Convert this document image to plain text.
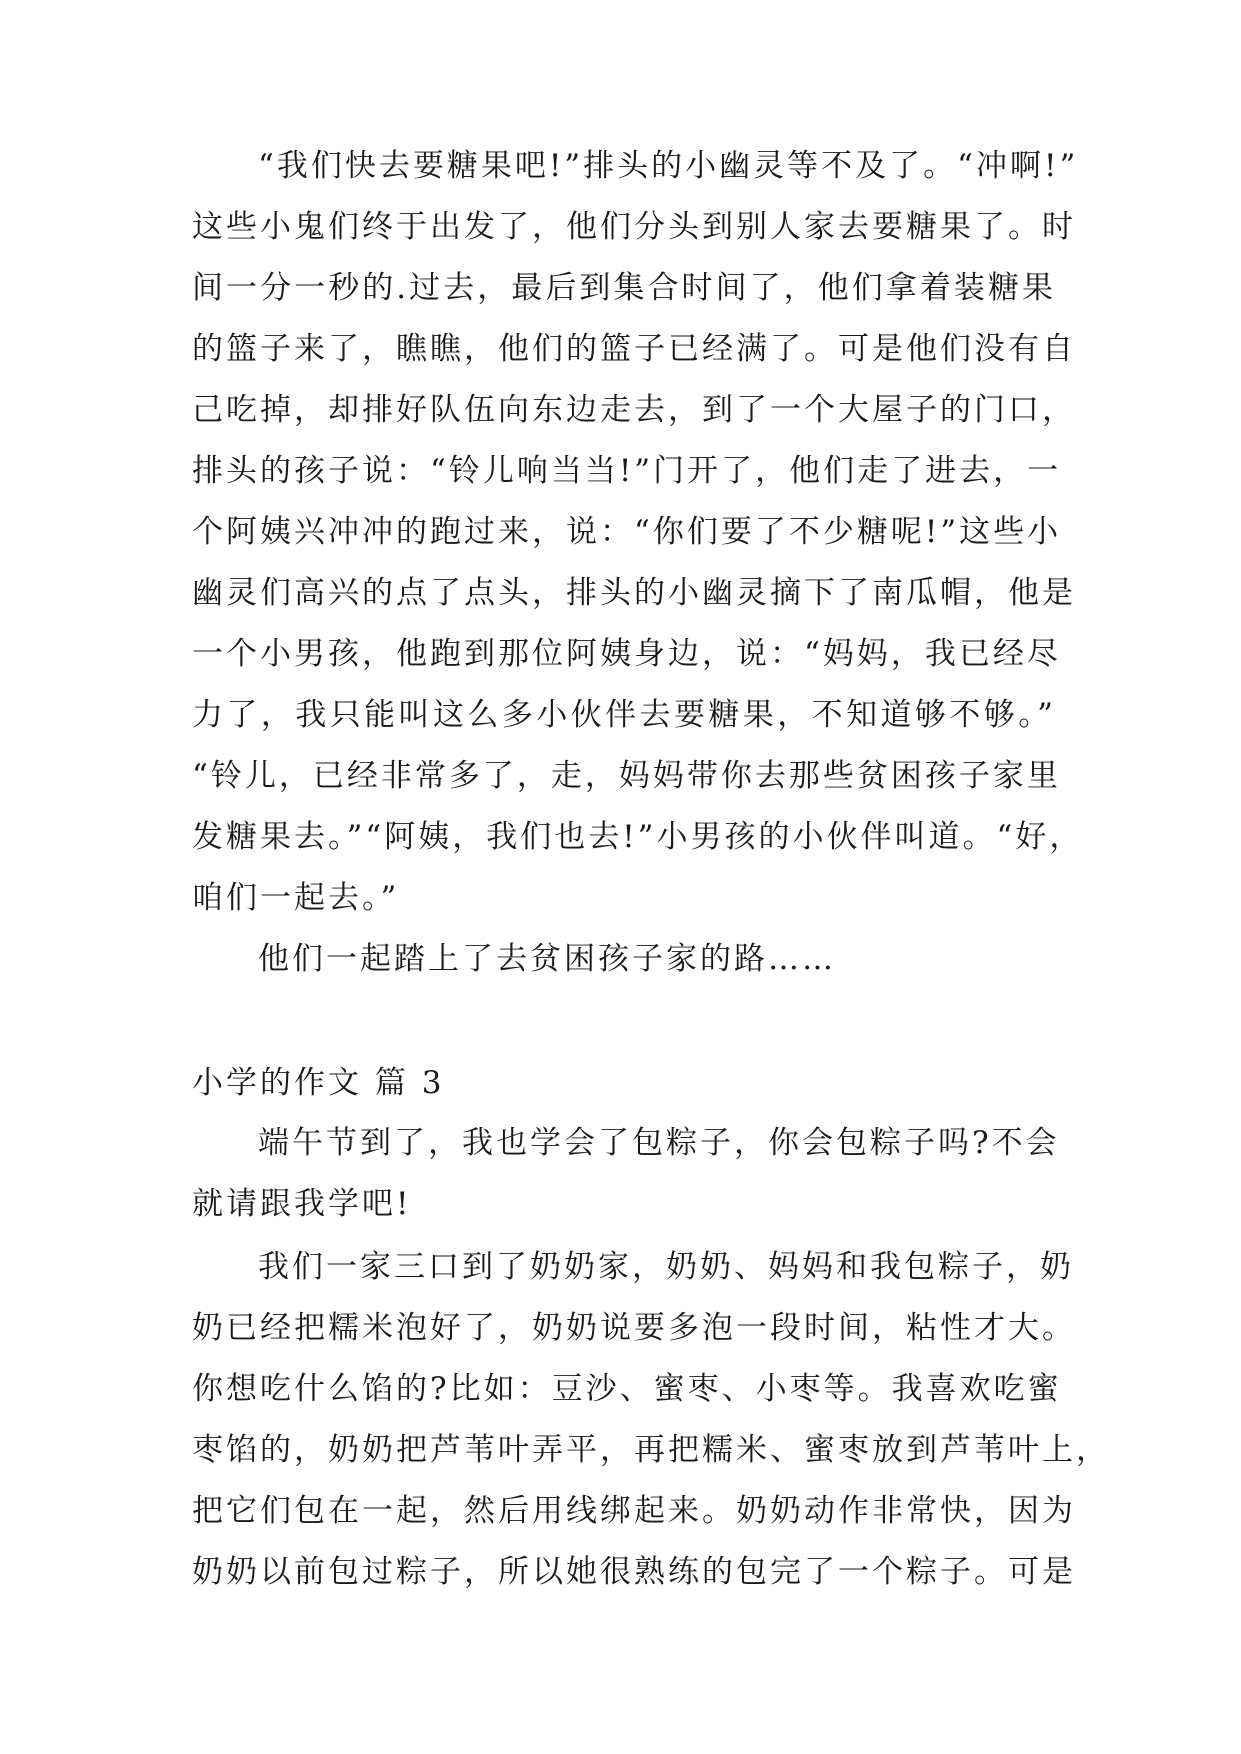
“我们快去要糖果吧!”排头的小幽灵等不及了。“冲啊!”
这些小鬼们终于出发了，他们分头到别人家去要糖果了。时
间一分一秒的.过去，最后到集合时间了，他们拿着装糖果
的篮子来了，瞧瞧，他们的篮子已经满了。可是他们没有自
己吃掉，却排好队伍向东边走去，到了一个大屋子的门口，
排头的孩子说：“铃儿响当当!”门开了，他们走了进去，一
个阿姨兴冲冲的跑过来，说：“你们要了不少糖呢!”这些小
幽灵们高兴的点了点头，排头的小幽灵摘下了南瓜帽，他是
一个小男孩，他跑到那位阿姨身边，说：“妈妈，我已经尽
力了，我只能叫这么多小伙伴去要糖果，不知道够不够。”
“铃儿，已经非常多了，走，妈妈带你去那些贫困孩子家里
发糖果去。”“阿姨，我们也去!”小男孩的小伙伴叫道。“好，
咱们一起去。”
他们一起踏上了去贫困孩子家的路……
小学的作文 篇 3
端午节到了，我也学会了包粽子，你会包粽子吗?不会
就请跟我学吧!
我们一家三口到了奶奶家，奶奶、妈妈和我包粽子，奶
奶已经把糯米泡好了，奶奶说要多泡一段时间，粘性才大。
你想吃什么馅的?比如：豆沙、蜜枣、小枣等。我喜欢吃蜜
枣馅的，奶奶把芦苇叶弄平，再把糯米、蜜枣放到芦苇叶上，
把它们包在一起，然后用线绑起来。奶奶动作非常快，因为
奶奶以前包过粽子，所以她很熟练的包完了一个粽子。可是
